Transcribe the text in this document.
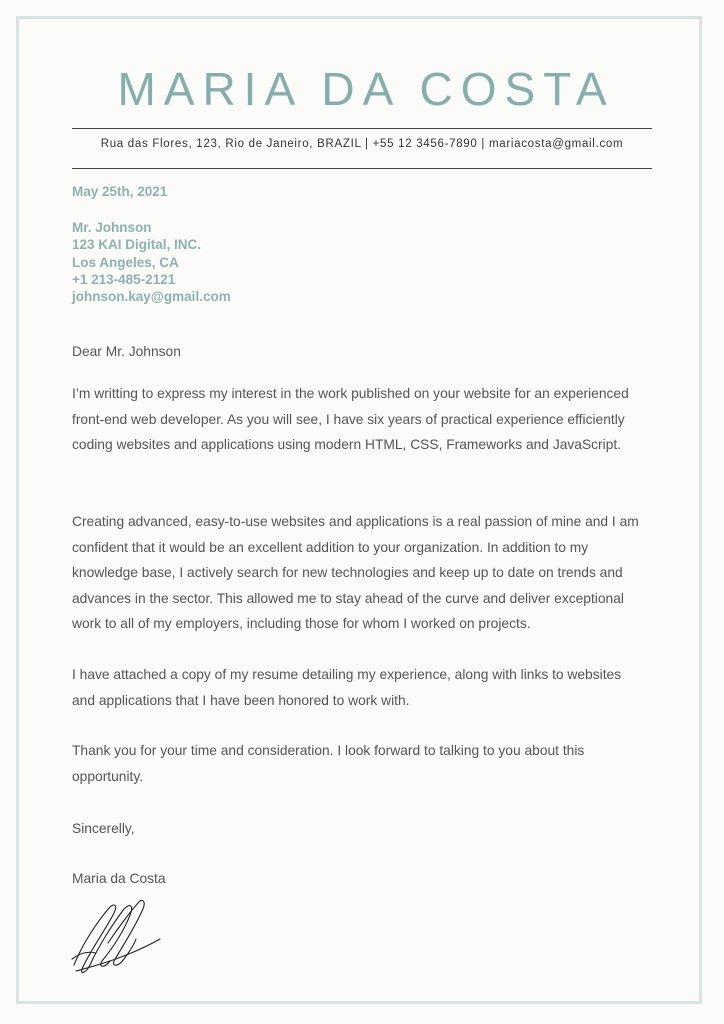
MARIA DA COSTA
Rua das Flores, 123, Rio de Janeiro, BRAZIL | +55 12 3456-7890 | mariacosta@gmail.com
May 25th, 2021
Mr. Johnson
123 KAI Digital, INC.
Los Angeles, CA
+1 213-485-2121
johnson.kay@gmail.com
Dear Mr. Johnson
I’m writting to express my interest in the work published on your website for an experienced front-end web developer. As you will see, I have six years of practical experience efficiently coding websites and applications using modern HTML, CSS, Frameworks and JavaScript.
Creating advanced, easy-to-use websites and applications is a real passion of mine and I am confident that it would be an excellent addition to your organization. In addition to my knowledge base, I actively search for new technologies and keep up to date on trends and advances in the sector. This allowed me to stay ahead of the curve and deliver exceptional work to all of my employers, including those for whom I worked on projects.
I have attached a copy of my resume detailing my experience, along with links to websites and applications that I have been honored to work with.
Thank you for your time and consideration. I look forward to talking to you about this opportunity.
Sincerelly,
Maria da Costa
